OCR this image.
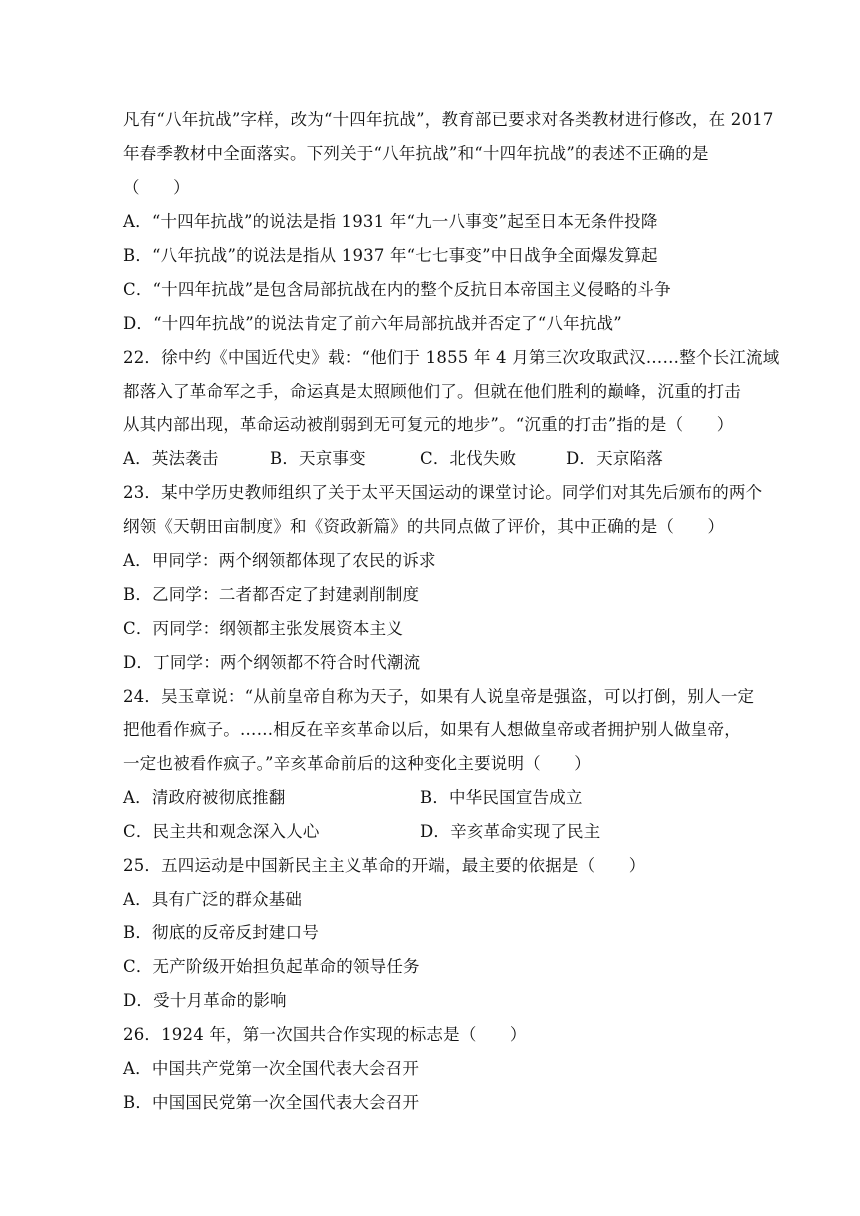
凡有“八年抗战”字样，改为“十四年抗战”，教育部已要求对各类教材进行修改，在 2017
年春季教材中全面落实。下列关于“八年抗战”和“十四年抗战”的表述不正确的是
（　　）
A．“十四年抗战”的说法是指 1931 年“九一八事变”起至日本无条件投降
B．“八年抗战”的说法是指从 1937 年“七七事变”中日战争全面爆发算起
C．“十四年抗战”是包含局部抗战在内的整个反抗日本帝国主义侵略的斗争
D．“十四年抗战”的说法肯定了前六年局部抗战并否定了“八年抗战”
22．徐中约《中国近代史》载：“他们于 1855 年 4 月第三次攻取武汉……整个长江流域
都落入了革命军之手，命运真是太照顾他们了。但就在他们胜利的巅峰，沉重的打击
从其内部出现，革命运动被削弱到无可复元的地步”。“沉重的打击”指的是（　　）
A．英法袭击	B．天京事变	C．北伐失败	D．天京陷落
23．某中学历史教师组织了关于太平天国运动的课堂讨论。同学们对其先后颁布的两个
纲领《天朝田亩制度》和《资政新篇》的共同点做了评价，其中正确的是（　　）
A．甲同学：两个纲领都体现了农民的诉求
B．乙同学：二者都否定了封建剥削制度
C．丙同学：纲领都主张发展资本主义
D．丁同学：两个纲领都不符合时代潮流
24．吴玉章说：“从前皇帝自称为天子，如果有人说皇帝是强盗，可以打倒，别人一定
把他看作疯子。……相反在辛亥革命以后，如果有人想做皇帝或者拥护别人做皇帝，
一定也被看作疯子。”辛亥革命前后的这种变化主要说明（　　）
A．清政府被彻底推翻	B．中华民国宣告成立
C．民主共和观念深入人心	D．辛亥革命实现了民主
25．五四运动是中国新民主主义革命的开端，最主要的依据是（　　）
A．具有广泛的群众基础
B．彻底的反帝反封建口号
C．无产阶级开始担负起革命的领导任务
D．受十月革命的影响
26．1924 年，第一次国共合作实现的标志是（　　）
A．中国共产党第一次全国代表大会召开
B．中国国民党第一次全国代表大会召开
